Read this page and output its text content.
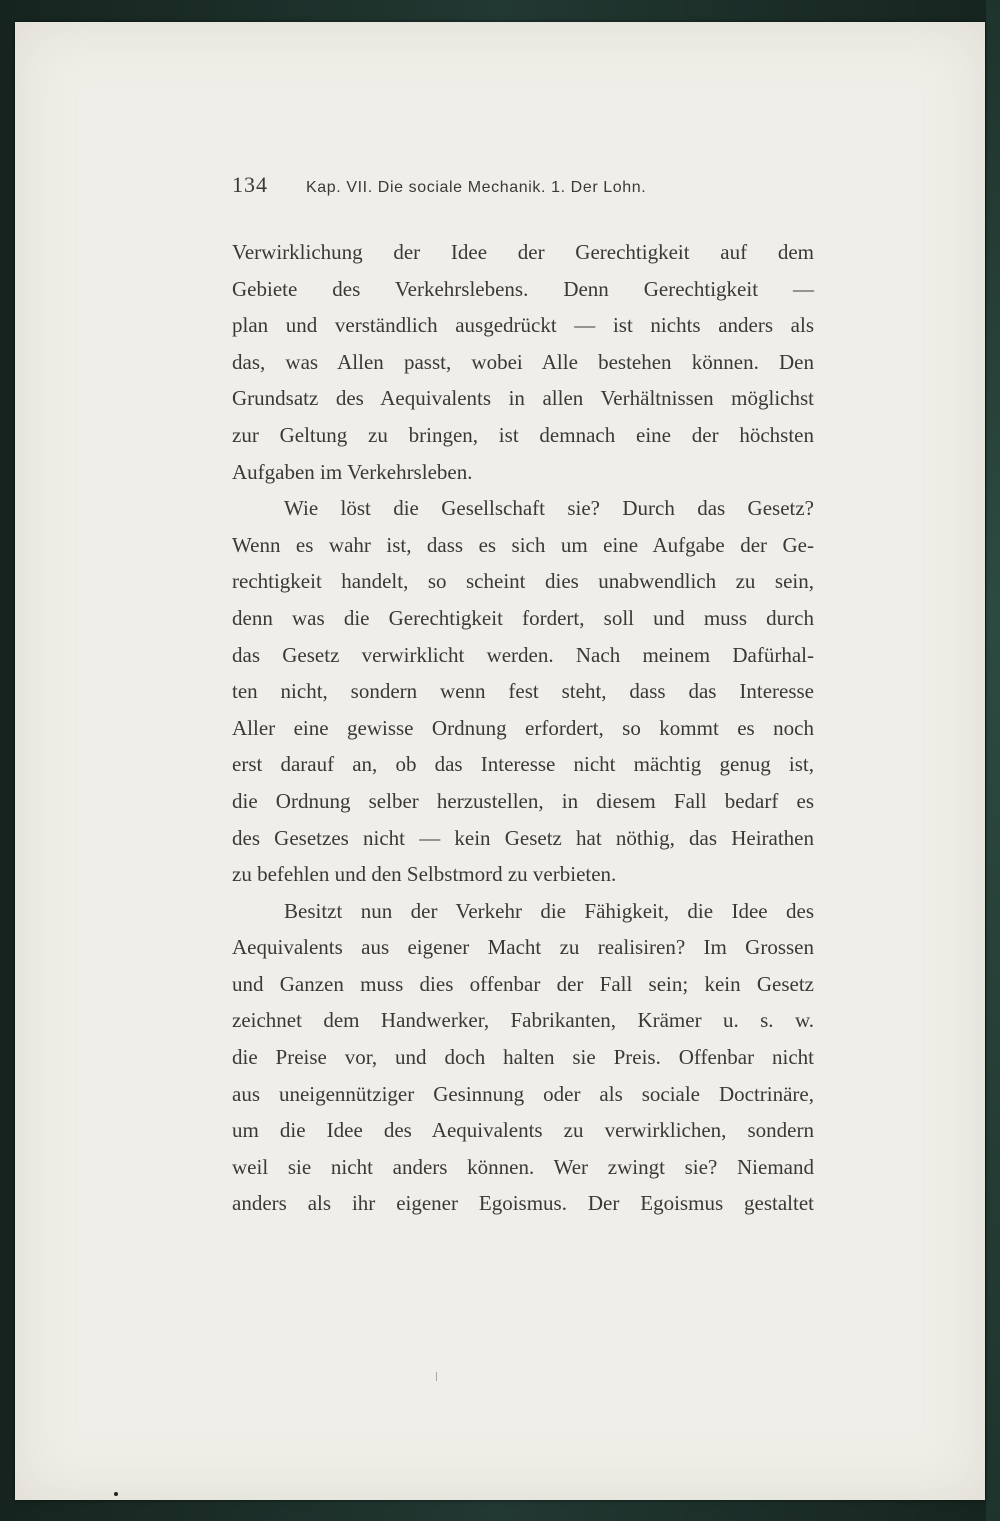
134 Kap. VII. Die sociale Mechanik. 1. Der Lohn.
Verwirklichung der Idee der Gerechtigkeit auf dem
Gebiete des Verkehrslebens. Denn Gerechtigkeit —
plan und verständlich ausgedrückt — ist nichts anders als
das, was Allen passt, wobei Alle bestehen können. Den
Grundsatz des Aequivalents in allen Verhältnissen möglichst
zur Geltung zu bringen, ist demnach eine der höchsten
Aufgaben im Verkehrsleben.
Wie löst die Gesellschaft sie? Durch das Gesetz?
Wenn es wahr ist, dass es sich um eine Aufgabe der Ge-
rechtigkeit handelt, so scheint dies unabwendlich zu sein,
denn was die Gerechtigkeit fordert, soll und muss durch
das Gesetz verwirklicht werden. Nach meinem Dafürhal-
ten nicht, sondern wenn fest steht, dass das Interesse
Aller eine gewisse Ordnung erfordert, so kommt es noch
erst darauf an, ob das Interesse nicht mächtig genug ist,
die Ordnung selber herzustellen, in diesem Fall bedarf es
des Gesetzes nicht — kein Gesetz hat nöthig, das Heirathen
zu befehlen und den Selbstmord zu verbieten.
Besitzt nun der Verkehr die Fähigkeit, die Idee des
Aequivalents aus eigener Macht zu realisiren? Im Grossen
und Ganzen muss dies offenbar der Fall sein; kein Gesetz
zeichnet dem Handwerker, Fabrikanten, Krämer u. s. w.
die Preise vor, und doch halten sie Preis. Offenbar nicht
aus uneigennütziger Gesinnung oder als sociale Doctrinäre,
um die Idee des Aequivalents zu verwirklichen, sondern
weil sie nicht anders können. Wer zwingt sie? Niemand
anders als ihr eigener Egoismus. Der Egoismus gestaltet
